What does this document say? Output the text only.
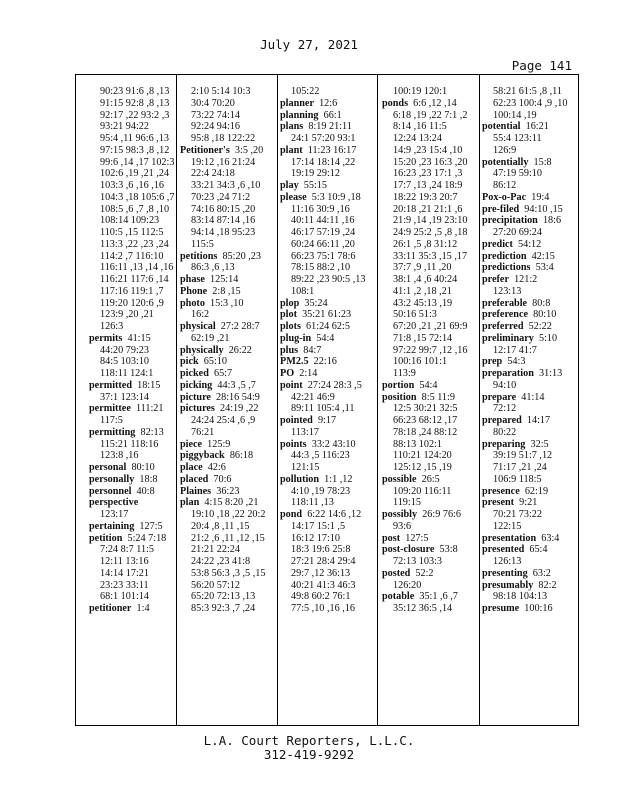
July 27, 2021
Page 141
90:23 91:6 ,8 ,13
91:15 92:8 ,8 ,13
92:17 ,22 93:2 ,3
93:21 94:22
95:4 ,11 96:6 ,13
97:15 98:3 ,8 ,12
99:6 ,14 ,17 102:3
102:6 ,19 ,21 ,24
103:3 ,6 ,16 ,16
104:3 ,18 105:6 ,7
108:5 ,6 ,7 ,8 ,10
108:14 109:23
110:5 ,15 112:5
113:3 ,22 ,23 ,24
114:2 ,7 116:10
116:11 ,13 ,14 ,16
116:21 117:6 ,14
117:16 119:1 ,7
119:20 120:6 ,9
123:9 ,20 ,21
126:3
permits  41:15
44:20 79:23
84:5 103:10
118:11 124:1
permitted  18:15
37:1 123:14
permittee  111:21
117:5
permitting  82:13
115:21 118:16
123:8 ,16
personal  80:10
personally  18:8
personnel  40:8
perspective
123:17
pertaining  127:5
petition  5:24 7:18
7:24 8:7 11:5
12:11 13:16
14:14 17:21
23:23 33:11
68:1 101:14
petitioner  1:4
2:10 5:14 10:3
30:4 70:20
73:22 74:14
92:24 94:16
95:8 ,18 122:22
Petitioner's  3:5 ,20
19:12 ,16 21:24
22:4 24:18
33:21 34:3 ,6 ,10
70:23 ,24 71:2
74:16 80:15 ,20
83:14 87:14 ,16
94:14 ,18 95:23
115:5
petitions  85:20 ,23
86:3 ,6 ,13
phase  125:14
Phone  2:8 ,15
photo  15:3 ,10
16:2
physical  27:2 28:7
62:19 ,21
physically  26:22
pick  65:10
picked  65:7
picking  44:3 ,5 ,7
picture  28:16 54:9
pictures  24:19 ,22
24:24 25:4 ,6 ,9
76:21
piece  125:9
piggyback  86:18
place  42:6
placed  70:6
Plaines  36:23
plan  4:15 8:20 ,21
19:10 ,18 ,22 20:2
20:4 ,8 ,11 ,15
21:2 ,6 ,11 ,12 ,15
21:21 22:24
24:22 ,23 41:8
53:8 56:3 ,3 ,5 ,15
56:20 57:12
65:20 72:13 ,13
85:3 92:3 ,7 ,24
105:22
planner  12:6
planning  66:1
plans  8:19 21:11
24:1 57:20 93:1
plant  11:23 16:17
17:14 18:14 ,22
19:19 29:12
play  55:15
please  5:3 10:9 ,18
11:16 30:9 ,16
40:11 44:11 ,16
46:17 57:19 ,24
60:24 66:11 ,20
66:23 75:1 78:6
78:15 88:2 ,10
89:22 ,23 90:5 ,13
108:1
plop  35:24
plot  35:21 61:23
plots  61:24 62:5
plug-in  54:4
plus  84:7
PM2.5  22:16
PO  2:14
point  27:24 28:3 ,5
42:21 46:9
89:11 105:4 ,11
pointed  9:17
113:17
points  33:2 43:10
44:3 ,5 116:23
121:15
pollution  1:1 ,12
4:10 ,19 78:23
118:11 ,13
pond  6:22 14:6 ,12
14:17 15:1 ,5
16:12 17:10
18:3 19:6 25:8
27:21 28:4 29:4
29:7 ,12 36:13
40:21 41:3 46:3
49:8 60:2 76:1
77:5 ,10 ,16 ,16
100:19 120:1
ponds  6:6 ,12 ,14
6:18 ,19 ,22 7:1 ,2
8:14 ,16 11:5
12:24 13:24
14:9 ,23 15:4 ,10
15:20 ,23 16:3 ,20
16:23 ,23 17:1 ,3
17:7 ,13 ,24 18:9
18:22 19:3 20:7
20:18 ,21 21:1 ,6
21:9 ,14 ,19 23:10
24:9 25:2 ,5 ,8 ,18
26:1 ,5 ,8 31:12
33:11 35:3 ,15 ,17
37:7 ,9 ,11 ,20
38:1 ,4 ,6 40:24
41:1 ,2 ,18 ,21
43:2 45:13 ,19
50:16 51:3
67:20 ,21 ,21 69:9
71:8 ,15 72:14
97:22 99:7 ,12 ,16
100:16 101:1
113:9
portion  54:4
position  8:5 11:9
12:5 30:21 32:5
66:23 68:12 ,17
78:18 ,24 88:12
88:13 102:1
110:21 124:20
125:12 ,15 ,19
possible  26:5
109:20 116:11
119:15
possibly  26:9 76:6
93:6
post  127:5
post-closure  53:8
72:13 103:3
posted  52:2
126:20
potable  35:1 ,6 ,7
35:12 36:5 ,14
58:21 61:5 ,8 ,11
62:23 100:4 ,9 ,10
100:14 ,19
potential  16:21
55:4 123:11
126:9
potentially  15:8
47:19 59:10
86:12
Pox-o-Pac  19:4
pre-filed  94:10 ,15
precipitation  18:6
27:20 69:24
predict  54:12
prediction  42:15
predictions  53:4
prefer  121:2
123:13
preferable  80:8
preference  80:10
preferred  52:22
preliminary  5:10
12:17 41:7
prep  54:3
preparation  31:13
94:10
prepare  41:14
72:12
prepared  14:17
80:22
preparing  32:5
39:19 51:7 ,12
71:17 ,21 ,24
106:9 118:5
presence  62:19
present  9:21
70:21 73:22
122:15
presentation  63:4
presented  65:4
126:13
presenting  63:2
presumably  82:2
98:18 104:13
presume  100:16
L.A. Court Reporters, L.L.C.
312-419-9292
